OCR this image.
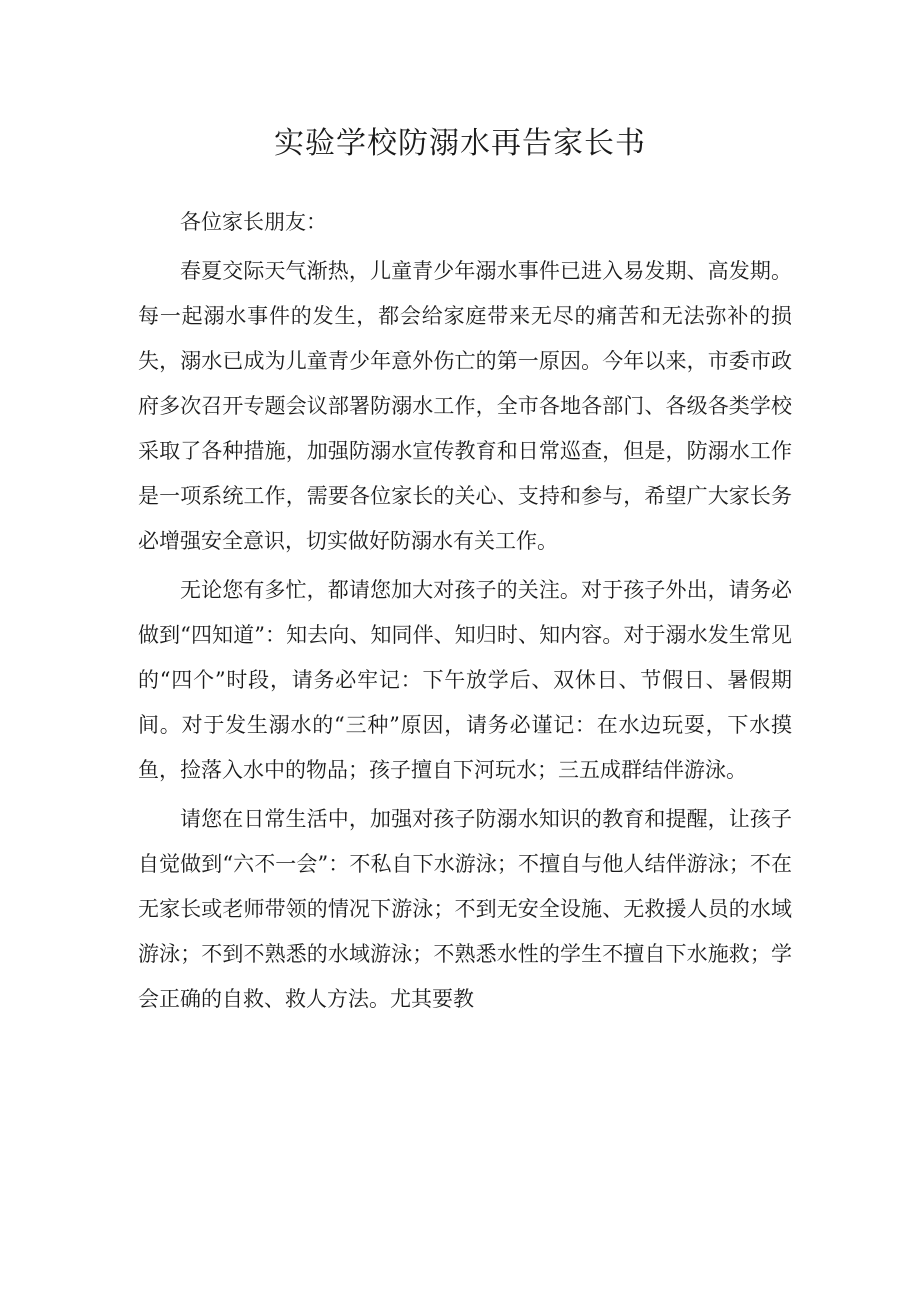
实验学校防溺水再告家长书

各位家长朋友：

春夏交际天气渐热，儿童青少年溺水事件已进入易发期、高发期。每一起溺水事件的发生，都会给家庭带来无尽的痛苦和无法弥补的损失，溺水已成为儿童青少年意外伤亡的第一原因。今年以来，市委市政府多次召开专题会议部署防溺水工作，全市各地各部门、各级各类学校采取了各种措施，加强防溺水宣传教育和日常巡查，但是，防溺水工作是一项系统工作，需要各位家长的关心、支持和参与，希望广大家长务必增强安全意识，切实做好防溺水有关工作。

无论您有多忙，都请您加大对孩子的关注。对于孩子外出，请务必做到“四知道”：知去向、知同伴、知归时、知内容。对于溺水发生常见的“四个”时段，请务必牢记：下午放学后、双休日、节假日、暑假期间。对于发生溺水的“三种”原因，请务必谨记：在水边玩耍，下水摸鱼，捡落入水中的物品；孩子擅自下河玩水；三五成群结伴游泳。

请您在日常生活中，加强对孩子防溺水知识的教育和提醒，让孩子自觉做到“六不一会”：不私自下水游泳；不擅自与他人结伴游泳；不在无家长或老师带领的情况下游泳；不到无安全设施、无救援人员的水域游泳；不到不熟悉的水域游泳；不熟悉水性的学生不擅自下水施救；学会正确的自救、救人方法。尤其要教
